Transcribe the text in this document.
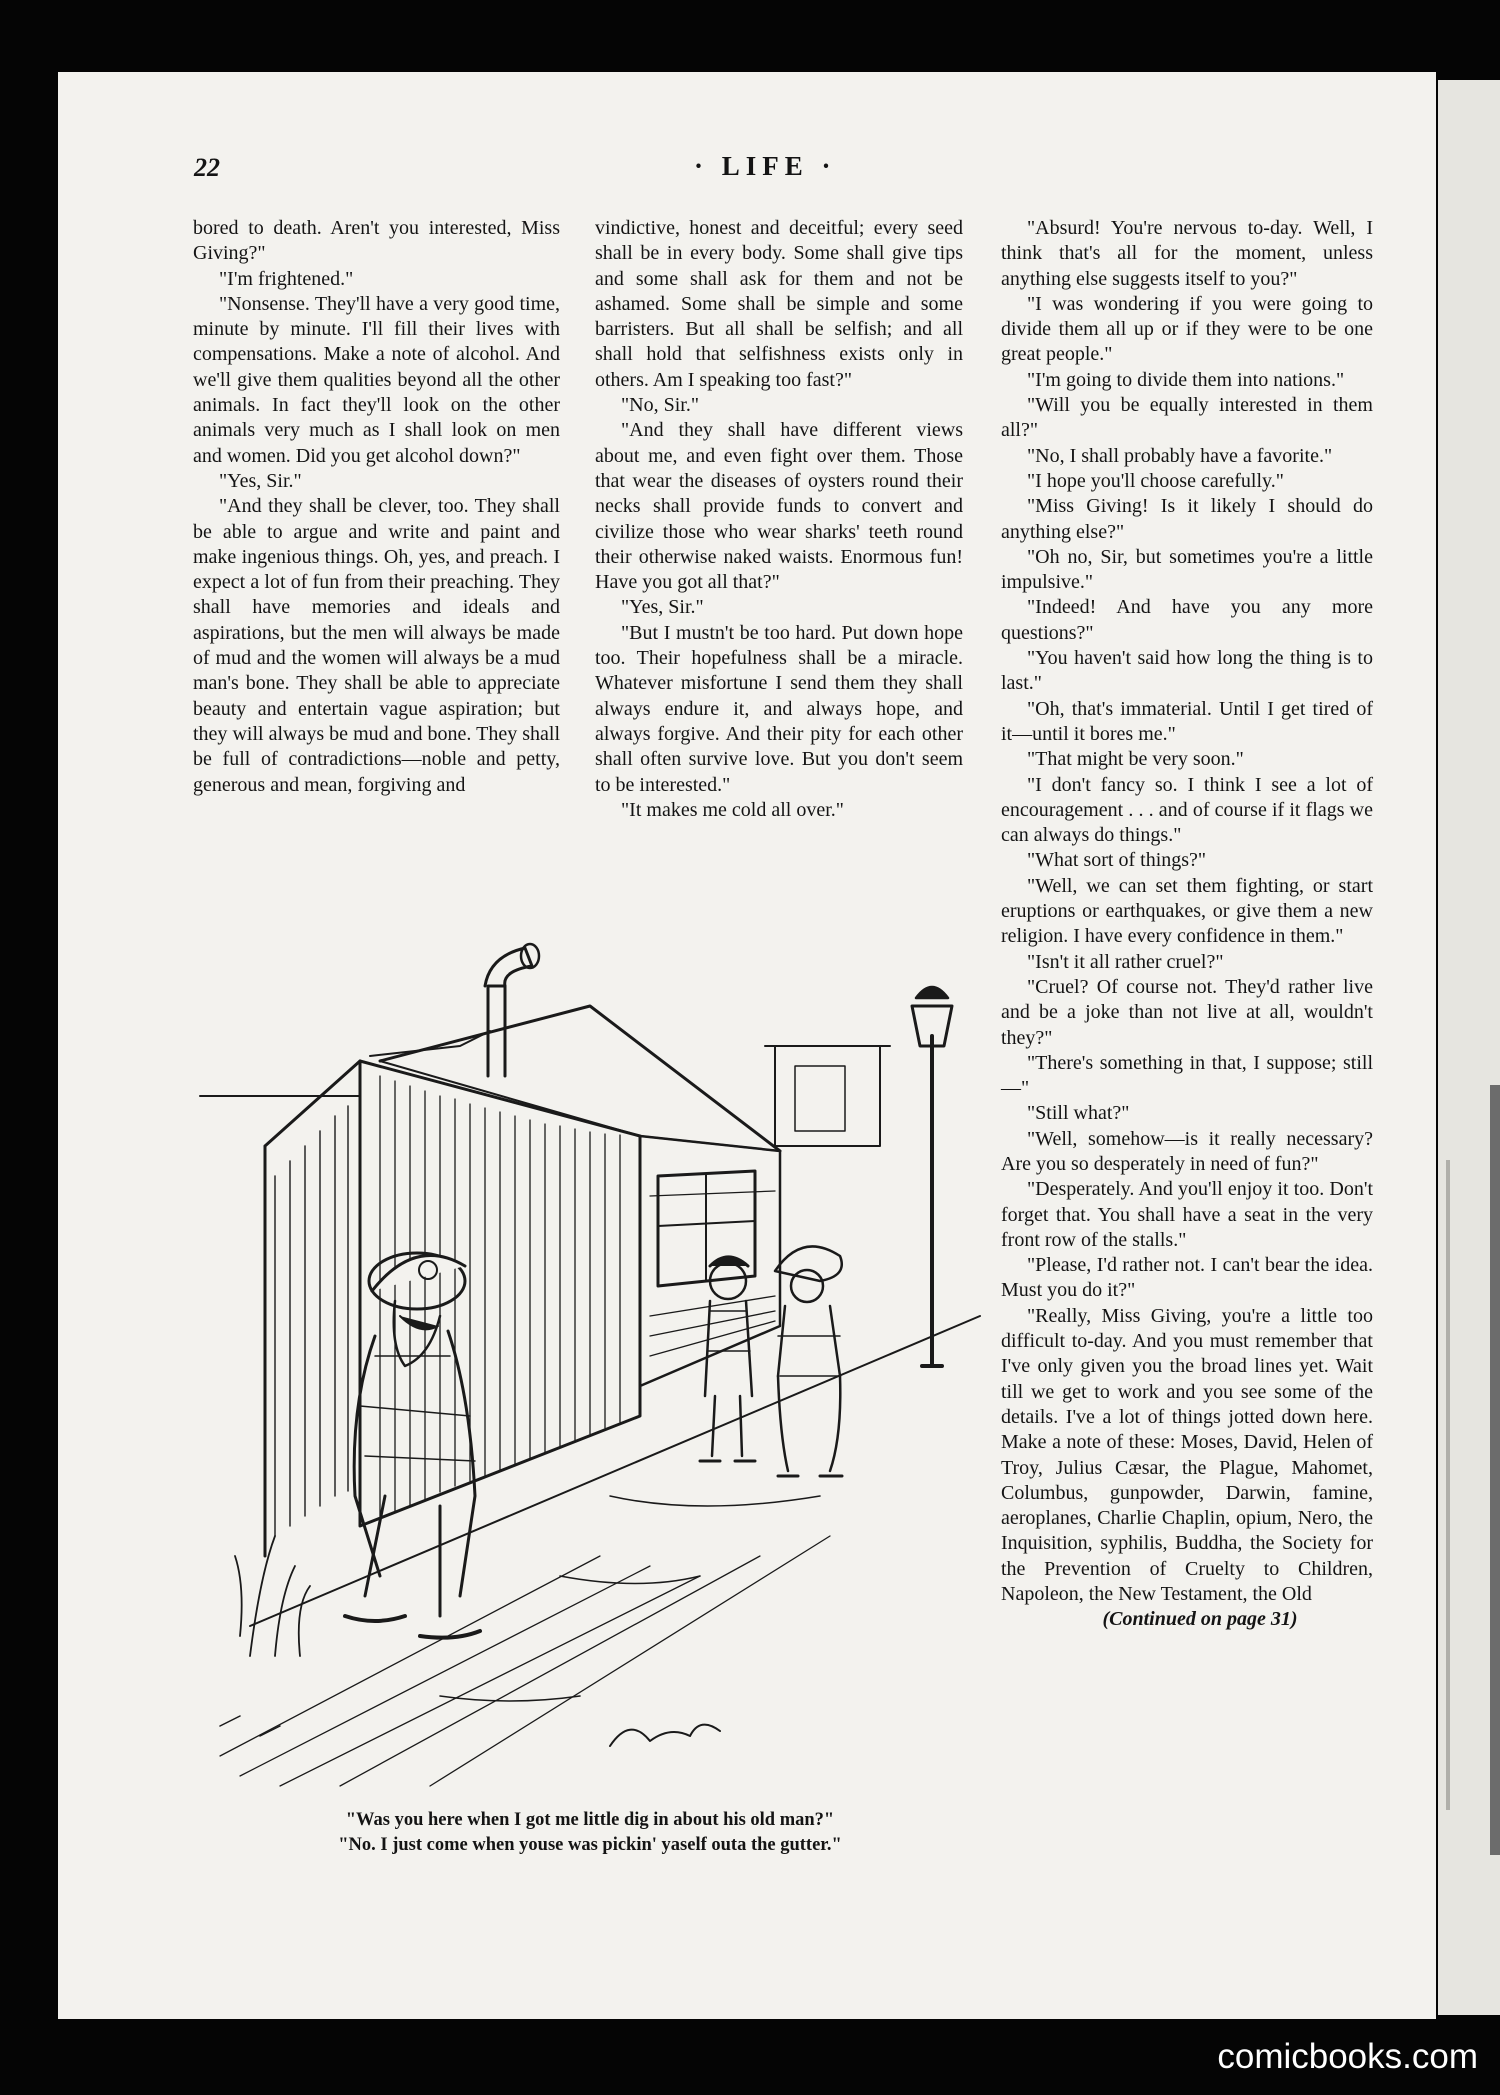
22	· LIFE ·

bored to death. Aren't you interested, Miss Giving?"

"I'm frightened."

"Nonsense. They'll have a very good time, minute by minute. I'll fill their lives with compensations. Make a note of alcohol. And we'll give them qualities beyond all the other animals. In fact they'll look on the other animals very much as I shall look on men and women. Did you get alcohol down?"

"Yes, Sir."

"And they shall be clever, too. They shall be able to argue and write and paint and make ingenious things. Oh, yes, and preach. I expect a lot of fun from their preaching. They shall have memories and ideals and aspirations, but the men will always be made of mud and the women will always be a mud man's bone. They shall be able to appreciate beauty and entertain vague aspiration; but they will always be mud and bone. They shall be full of contradictions—noble and petty, generous and mean, forgiving and

vindictive, honest and deceitful; every seed shall be in every body. Some shall give tips and some shall ask for them and not be ashamed. Some shall be simple and some barristers. But all shall be selfish; and all shall hold that selfishness exists only in others. Am I speaking too fast?"

"No, Sir."

"And they shall have different views about me, and even fight over them. Those that wear the diseases of oysters round their necks shall provide funds to convert and civilize those who wear sharks' teeth round their otherwise naked waists. Enormous fun! Have you got all that?"

"Yes, Sir."

"But I mustn't be too hard. Put down hope too. Their hopefulness shall be a miracle. Whatever misfortune I send them they shall always endure it, and always hope, and always forgive. And their pity for each other shall often survive love. But you don't seem to be interested."

"It makes me cold all over."

"Absurd! You're nervous to-day. Well, I think that's all for the moment, unless anything else suggests itself to you?"

"I was wondering if you were going to divide them all up or if they were to be one great people."

"I'm going to divide them into nations."

"Will you be equally interested in them all?"

"No, I shall probably have a favorite."

"I hope you'll choose carefully."

"Miss Giving! Is it likely I should do anything else?"

"Oh no, Sir, but sometimes you're a little impulsive."

"Indeed! And have you any more questions?"

"You haven't said how long the thing is to last."

"Oh, that's immaterial. Until I get tired of it—until it bores me."

"That might be very soon."

"I don't fancy so. I think I see a lot of encouragement . . . and of course if it flags we can always do things."

"What sort of things?"

"Well, we can set them fighting, or start eruptions or earthquakes, or give them a new religion. I have every confidence in them."

"Isn't it all rather cruel?"

"Cruel? Of course not. They'd rather live and be a joke than not live at all, wouldn't they?"

"There's something in that, I suppose; still —"

"Still what?"

"Well, somehow—is it really necessary? Are you so desperately in need of fun?"

"Desperately. And you'll enjoy it too. Don't forget that. You shall have a seat in the very front row of the stalls."

"Please, I'd rather not. I can't bear the idea. Must you do it?"

"Really, Miss Giving, you're a little too difficult to-day. And you must remember that I've only given you the broad lines yet. Wait till we get to work and you see some of the details. I've a lot of things jotted down here. Make a note of these: Moses, David, Helen of Troy, Julius Cæsar, the Plague, Mahomet, Columbus, gunpowder, Darwin, famine, aeroplanes, Charlie Chaplin, opium, Nero, the Inquisition, syphilis, Buddha, the Society for the Prevention of Cruelty to Children, Napoleon, the New Testament, the Old

(Continued on page 31)

"Was you here when I got me little dig in about his old man?"
"No. I just come when youse was pickin' yaself outa the gutter."
comicbooks.com
